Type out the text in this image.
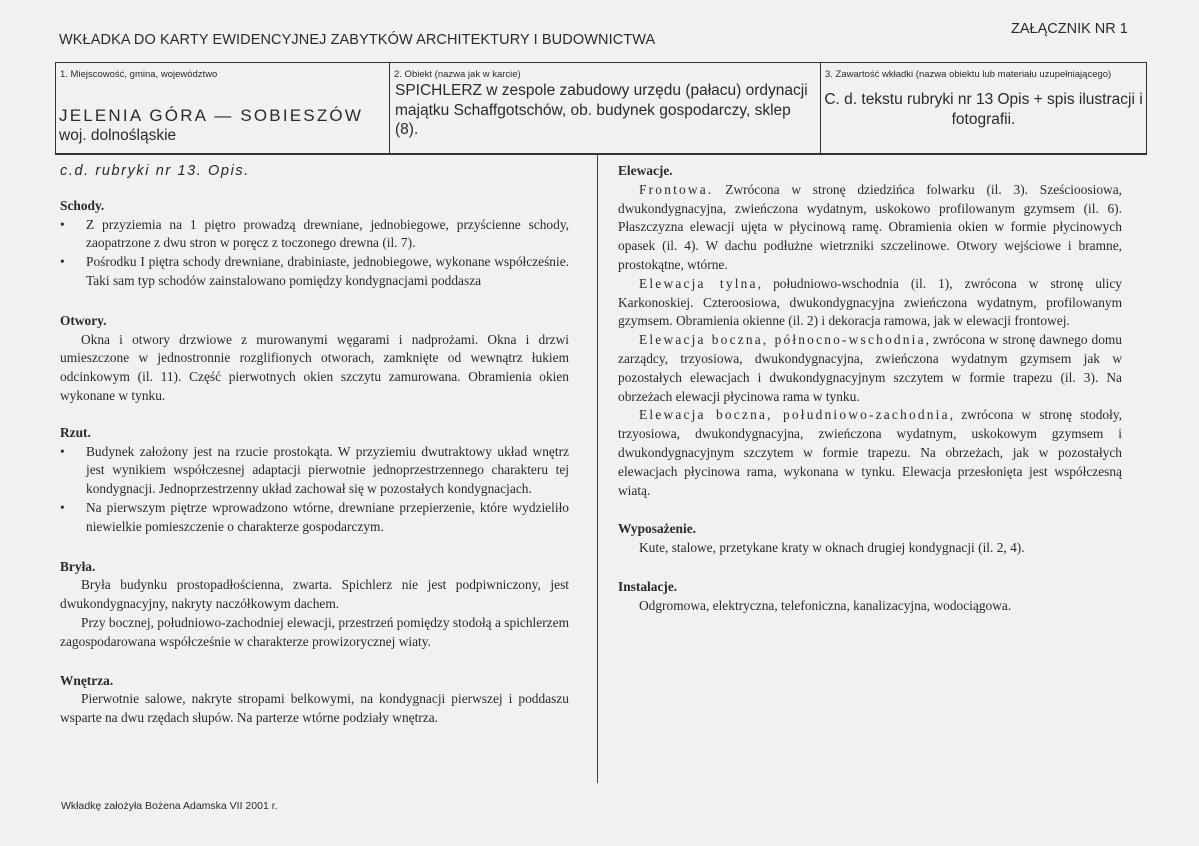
WKŁADKA DO KARTY EWIDENCYJNEJ ZABYTKÓW ARCHITEKTURY I BUDOWNICTWA
ZAŁĄCZNIK NR 1
1. Miejscowość, gmina, województwo
JELENIA GÓRA — SOBIESZÓW
woj. dolnośląskie
2. Obiekt (nazwa jak w karcie)
SPICHLERZ w zespole zabudowy urzędu (pałacu) ordynacji majątku Schaffgotschów, ob. budynek gospodarczy, sklep (8).
3. Zawartość wkładki (nazwa obiektu lub materiału uzupełniającego)
C. d. tekstu rubryki nr 13 Opis + spis ilustracji i fotografii.
c.d. rubryki nr 13. Opis.
Schody.
• Z przyziemia na 1 piętro prowadzą drewniane, jednobiegowe, przyścienne schody, zaopatrzone z dwu stron w poręcz z toczonego drewna (il. 7).
• Pośrodku I piętra schody drewniane, drabiniaste, jednobiegowe, wykonane współcześnie. Taki sam typ schodów zainstalowano pomiędzy kondygnacjami poddasza
Otwory.
Okna i otwory drzwiowe z murowanymi węgarami i nadprożami. Okna i drzwi umieszczone w jednostronnie rozglifionych otworach, zamknięte od wewnątrz łukiem odcinkowym (il. 11). Część pierwotnych okien szczytu zamurowana. Obramienia okien wykonane w tynku.
Rzut.
• Budynek założony jest na rzucie prostokąta. W przyziemiu dwutraktowy układ wnętrz jest wynikiem współczesnej adaptacji pierwotnie jednoprzestrzennego charakteru tej kondygnacji. Jednoprzestrzenny układ zachował się w pozostałych kondygnacjach.
• Na pierwszym piętrze wprowadzono wtórne, drewniane przepierzenie, które wydzieliło niewielkie pomieszczenie o charakterze gospodarczym.
Bryła.
Bryła budynku prostopadłościenna, zwarta. Spichlerz nie jest podpiwniczony, jest dwukondygnacyjny, nakryty naczółkowym dachem.
Przy bocznej, południowo-zachodniej elewacji, przestrzeń pomiędzy stodołą a spichlerzem zagospodarowana współcześnie w charakterze prowizorycznej wiaty.
Wnętrza.
Pierwotnie salowe, nakryte stropami belkowymi, na kondygnacji pierwszej i poddaszu wsparte na dwu rzędach słupów. Na parterze wtórne podziały wnętrza.
Elewacje.
Frontowa. Zwrócona w stronę dziedzińca folwarku (il. 3). Sześcioosiowa, dwukondygnacyjna, zwieńczona wydatnym, uskokowo profilowanym gzymsem (il. 6). Płaszczyzna elewacji ujęta w płycinową ramę. Obramienia okien w formie płycinowych opasek (il. 4). W dachu podłużne wietrzniki szczelinowe. Otwory wejściowe i bramne, prostokątne, wtórne.
Elewacja tylna, południowo-wschodnia (il. 1), zwrócona w stronę ulicy Karkonoskiej. Czteroosiowa, dwukondygnacyjna zwieńczona wydatnym, profilowanym gzymsem. Obramienia okienne (il. 2) i dekoracja ramowa, jak w elewacji frontowej.
Elewacja boczna, północno-wschodnia, zwrócona w stronę dawnego domu zarządcy, trzyosiowa, dwukondygnacyjna, zwieńczona wydatnym gzymsem jak w pozostałych elewacjach i dwukondygnacyjnym szczytem w formie trapezu (il. 3). Na obrzeżach elewacji płycinowa rama w tynku.
Elewacja boczna, południowo-zachodnia, zwrócona w stronę stodoły, trzyosiowa, dwukondygnacyjna, zwieńczona wydatnym, uskokowym gzymsem i dwukondygnacyjnym szczytem w formie trapezu. Na obrzeżach, jak w pozostałych elewacjach płycinowa rama, wykonana w tynku. Elewacja przesłonięta jest współczesną wiatą.
Wyposażenie.
Kute, stalowe, przetykane kraty w oknach drugiej kondygnacji (il. 2, 4).
Instalacje.
Odgromowa, elektryczna, telefoniczna, kanalizacyjna, wodociągowa.
Wkładkę założyła Bożena Adamska VII 2001 r.
